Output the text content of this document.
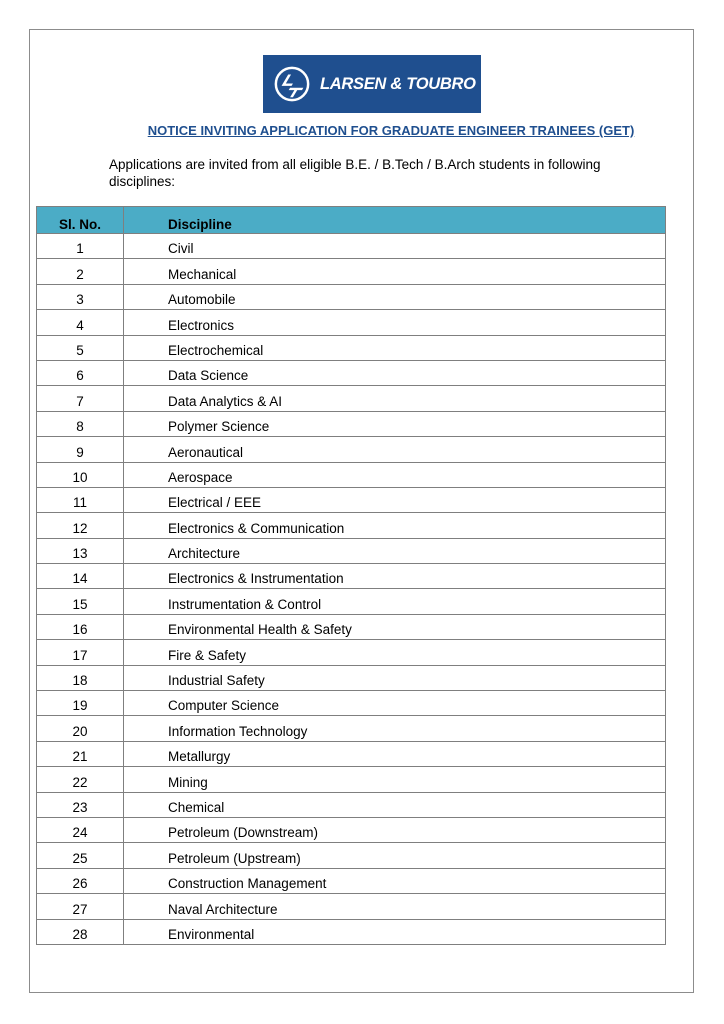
LARSEN & TOUBRO
NOTICE INVITING APPLICATION FOR GRADUATE ENGINEER TRAINEES (GET)
Applications are invited from all eligible B.E. / B.Tech / B.Arch students in following disciplines:
Sl. No.	Discipline
1	Civil
2	Mechanical
3	Automobile
4	Electronics
5	Electrochemical
6	Data Science
7	Data Analytics & AI
8	Polymer Science
9	Aeronautical
10	Aerospace
11	Electrical / EEE
12	Electronics & Communication
13	Architecture
14	Electronics & Instrumentation
15	Instrumentation & Control
16	Environmental Health & Safety
17	Fire & Safety
18	Industrial Safety
19	Computer Science
20	Information Technology
21	Metallurgy
22	Mining
23	Chemical
24	Petroleum (Downstream)
25	Petroleum (Upstream)
26	Construction Management
27	Naval Architecture
28	Environmental
